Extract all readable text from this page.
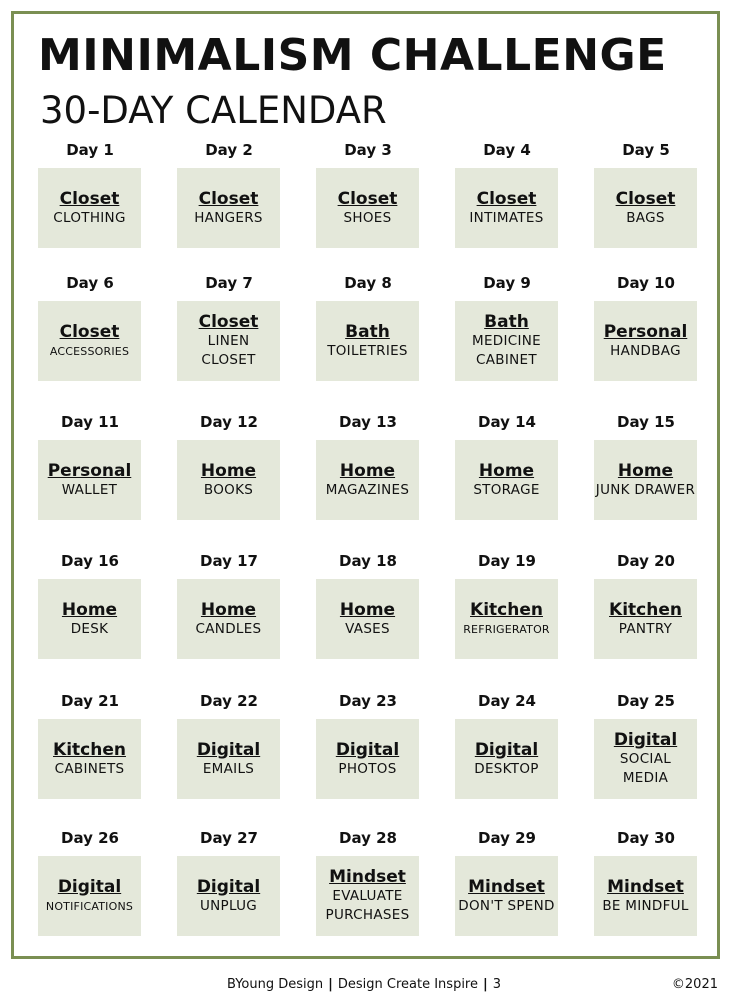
MINIMALISM CHALLENGE
30-DAY CALENDAR
Day 1
Closet
CLOTHING
Day 2
Closet
HANGERS
Day 3
Closet
SHOES
Day 4
Closet
INTIMATES
Day 5
Closet
BAGS
Day 6
Closet
ACCESSORIES
Day 7
Closet
LINEN CLOSET
Day 8
Bath
TOILETRIES
Day 9
Bath
MEDICINE CABINET
Day 10
Personal
HANDBAG
Day 11
Personal
WALLET
Day 12
Home
BOOKS
Day 13
Home
MAGAZINES
Day 14
Home
STORAGE
Day 15
Home
JUNK DRAWER
Day 16
Home
DESK
Day 17
Home
CANDLES
Day 18
Home
VASES
Day 19
Kitchen
REFRIGERATOR
Day 20
Kitchen
PANTRY
Day 21
Kitchen
CABINETS
Day 22
Digital
EMAILS
Day 23
Digital
PHOTOS
Day 24
Digital
DESKTOP
Day 25
Digital
SOCIAL MEDIA
Day 26
Digital
NOTIFICATIONS
Day 27
Digital
UNPLUG
Day 28
Mindset
EVALUATE PURCHASES
Day 29
Mindset
DON'T SPEND
Day 30
Mindset
BE MINDFUL
BYoung Design | Design Create Inspire | 3	©2021
